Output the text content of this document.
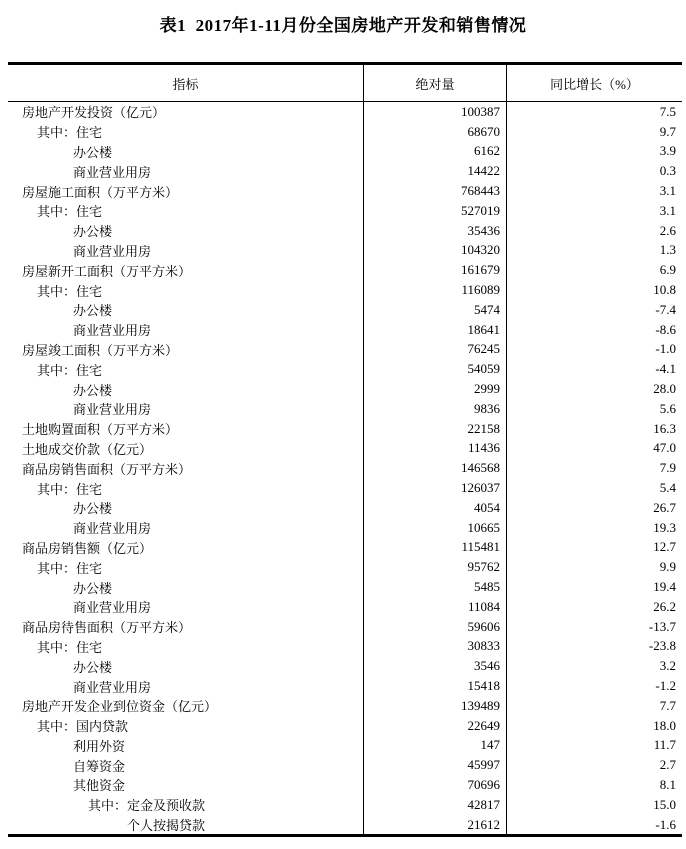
表1  2017年1-11月份全国房地产开发和销售情况
指标	绝对量	同比增长（%）
房地产开发投资（亿元）	100387	7.5
其中：住宅	68670	9.7
办公楼	6162	3.9
商业营业用房	14422	0.3
房屋施工面积（万平方米）	768443	3.1
其中：住宅	527019	3.1
办公楼	35436	2.6
商业营业用房	104320	1.3
房屋新开工面积（万平方米）	161679	6.9
其中：住宅	116089	10.8
办公楼	5474	-7.4
商业营业用房	18641	-8.6
房屋竣工面积（万平方米）	76245	-1.0
其中：住宅	54059	-4.1
办公楼	2999	28.0
商业营业用房	9836	5.6
土地购置面积（万平方米）	22158	16.3
土地成交价款（亿元）	11436	47.0
商品房销售面积（万平方米）	146568	7.9
其中：住宅	126037	5.4
办公楼	4054	26.7
商业营业用房	10665	19.3
商品房销售额（亿元）	115481	12.7
其中：住宅	95762	9.9
办公楼	5485	19.4
商业营业用房	11084	26.2
商品房待售面积（万平方米）	59606	-13.7
其中：住宅	30833	-23.8
办公楼	3546	3.2
商业营业用房	15418	-1.2
房地产开发企业到位资金（亿元）	139489	7.7
其中：国内贷款	22649	18.0
利用外资	147	11.7
自筹资金	45997	2.7
其他资金	70696	8.1
其中：定金及预收款	42817	15.0
个人按揭贷款	21612	-1.6
